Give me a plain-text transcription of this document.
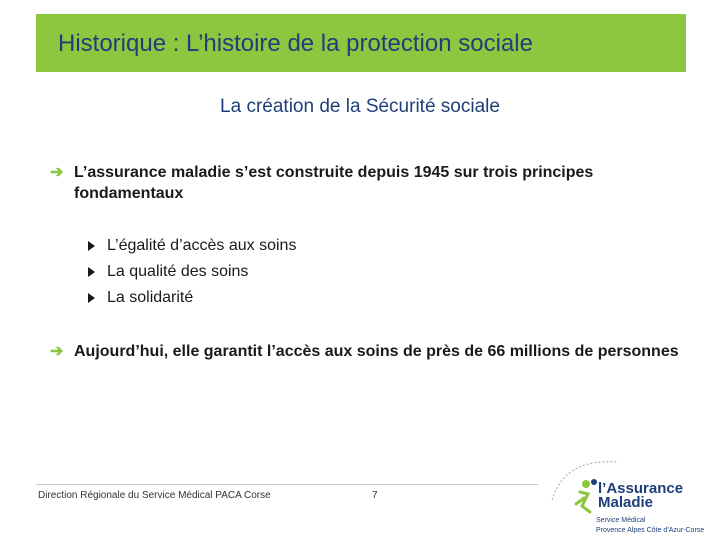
Historique : L’histoire de la protection sociale
La création de la Sécurité sociale
➔ L’assurance maladie s’est construite depuis 1945 sur trois principes fondamentaux
L’égalité d’accès aux soins
La qualité des soins
La solidarité
➔ Aujourd’hui, elle garantit l’accès aux soins de près de 66 millions de personnes
Direction Régionale du Service Médical PACA Corse	7	l’Assurance
Maladie
Service Médical
Provence Alpes Côte d’Azur-Corse
